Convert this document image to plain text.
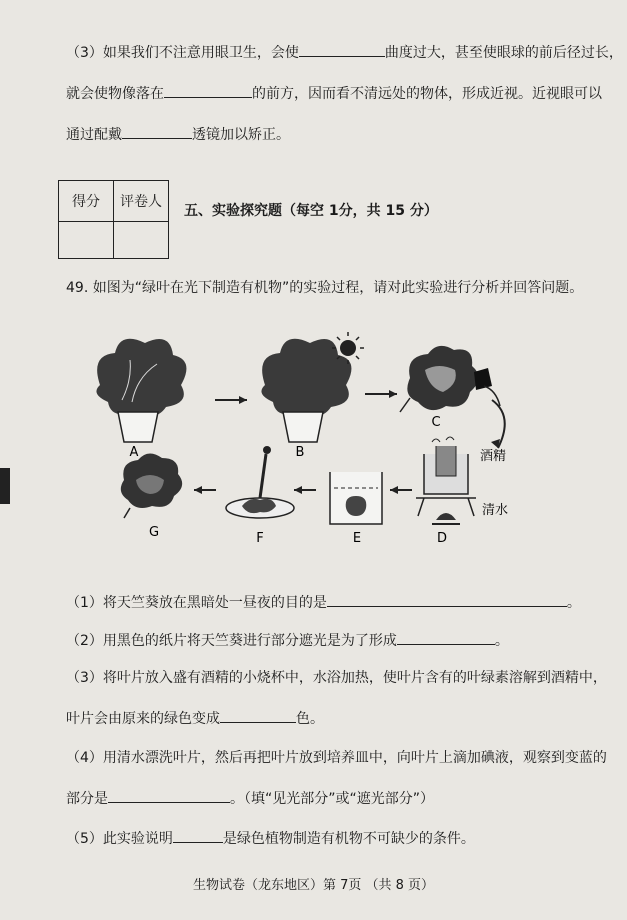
（3）如果我们不注意用眼卫生，会使	曲度过大，甚至使眼球的前后径过长，
就会使物像落在	的前方，因而看不清远处的物体，形成近视。近视眼可以
通过配戴	透镜加以矫正。
得分	评卷人

五、实验探究题（每空 1分，共 15 分）
49. 如图为“绿叶在光下制造有机物”的实验过程，请对此实验进行分析并回答问题。
A	B
C
酒精
清水
D
E
F
G
（1）将天竺葵放在黑暗处一昼夜的目的是	。
（2）用黑色的纸片将天竺葵进行部分遮光是为了形成	。
（3）将叶片放入盛有酒精的小烧杯中，水浴加热，使叶片含有的叶绿素溶解到酒精中，
叶片会由原来的绿色变成	色。
（4）用清水漂洗叶片，然后再把叶片放到培养皿中，向叶片上滴加碘液，观察到变蓝的
部分是	。（填“见光部分”或“遮光部分”）
（5）此实验说明	是绿色植物制造有机物不可缺少的条件。
生物试卷（龙东地区）第 7页 （共 8 页）
